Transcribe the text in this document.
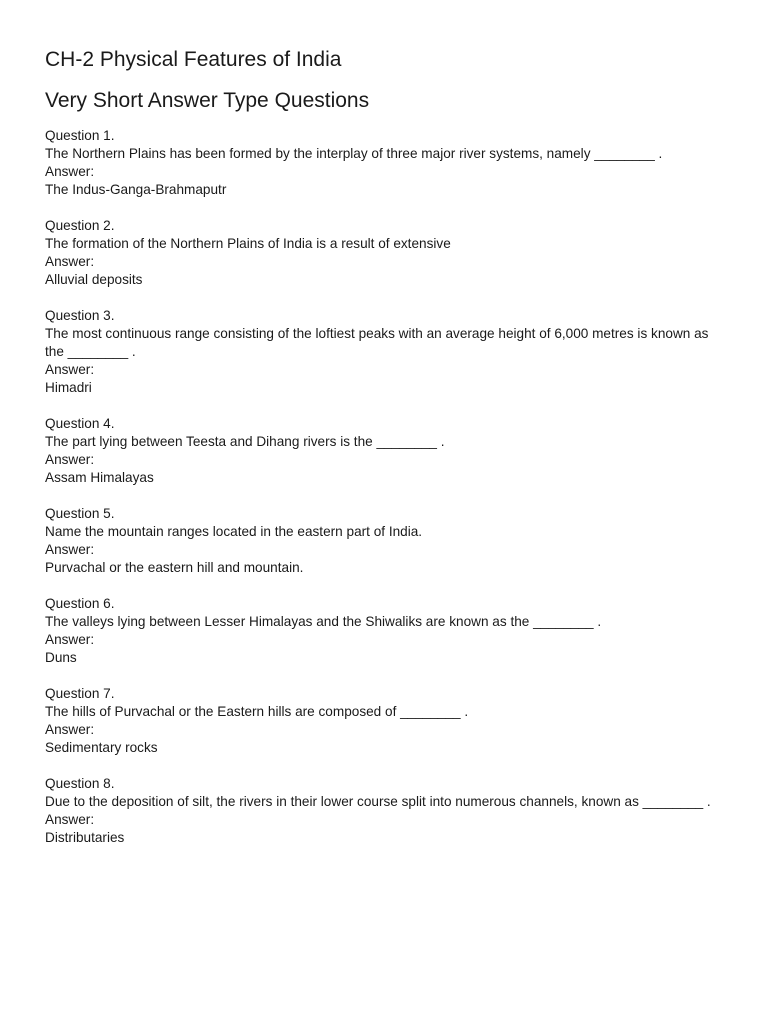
CH-2 Physical Features of India
Very Short Answer Type Questions
Question 1.
The Northern Plains has been formed by the interplay of three major river systems, namely ________ .
Answer:
The Indus-Ganga-Brahmaputr
Question 2.
The formation of the Northern Plains of India is a result of extensive
Answer:
Alluvial deposits
Question 3.
The most continuous range consisting of the loftiest peaks with an average height of 6,000 metres is known as the ________ .
Answer:
Himadri
Question 4.
The part lying between Teesta and Dihang rivers is the ________ .
Answer:
Assam Himalayas
Question 5.
Name the mountain ranges located in the eastern part of India.
Answer:
Purvachal or the eastern hill and mountain.
Question 6.
The valleys lying between Lesser Himalayas and the Shiwaliks are known as the ________ .
Answer:
Duns
Question 7.
The hills of Purvachal or the Eastern hills are composed of ________ .
Answer:
Sedimentary rocks
Question 8.
Due to the deposition of silt, the rivers in their lower course split into numerous channels, known as ________ .
Answer:
Distributaries
